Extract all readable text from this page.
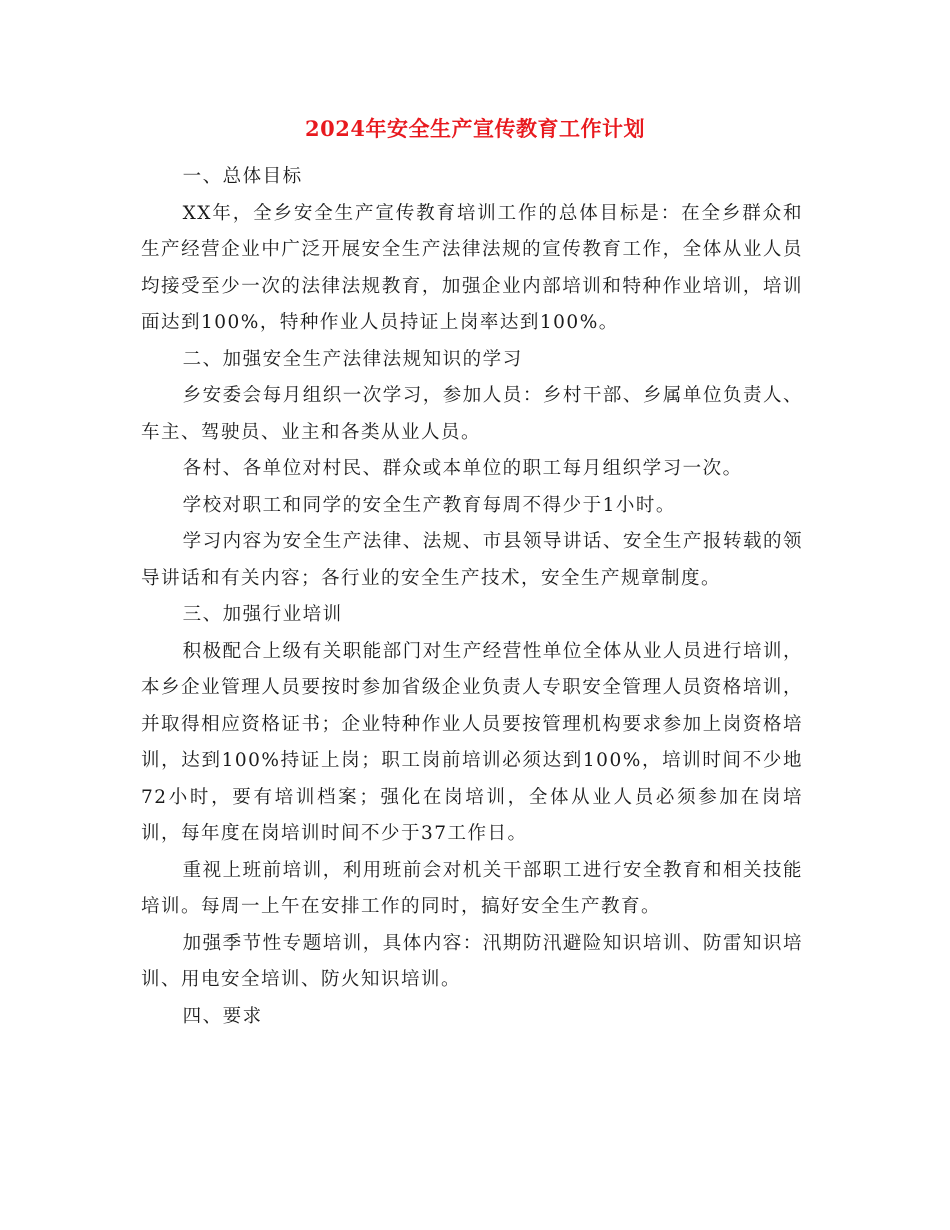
2024年安全生产宣传教育工作计划

一、总体目标

XX年，全乡安全生产宣传教育培训工作的总体目标是：在全乡群众和生产经营企业中广泛开展安全生产法律法规的宣传教育工作，全体从业人员均接受至少一次的法律法规教育，加强企业内部培训和特种作业培训，培训面达到100%，特种作业人员持证上岗率达到100%。

二、加强安全生产法律法规知识的学习

乡安委会每月组织一次学习，参加人员：乡村干部、乡属单位负责人、车主、驾驶员、业主和各类从业人员。

各村、各单位对村民、群众或本单位的职工每月组织学习一次。

学校对职工和同学的安全生产教育每周不得少于1小时。

学习内容为安全生产法律、法规、市县领导讲话、安全生产报转载的领导讲话和有关内容；各行业的安全生产技术，安全生产规章制度。

三、加强行业培训

积极配合上级有关职能部门对生产经营性单位全体从业人员进行培训，本乡企业管理人员要按时参加省级企业负责人专职安全管理人员资格培训，并取得相应资格证书；企业特种作业人员要按管理机构要求参加上岗资格培训，达到100%持证上岗；职工岗前培训必须达到100%，培训时间不少地72小时，要有培训档案；强化在岗培训，全体从业人员必须参加在岗培训，每年度在岗培训时间不少于37工作日。

重视上班前培训，利用班前会对机关干部职工进行安全教育和相关技能培训。每周一上午在安排工作的同时，搞好安全生产教育。

加强季节性专题培训，具体内容：汛期防汛避险知识培训、防雷知识培训、用电安全培训、防火知识培训。

四、要求
